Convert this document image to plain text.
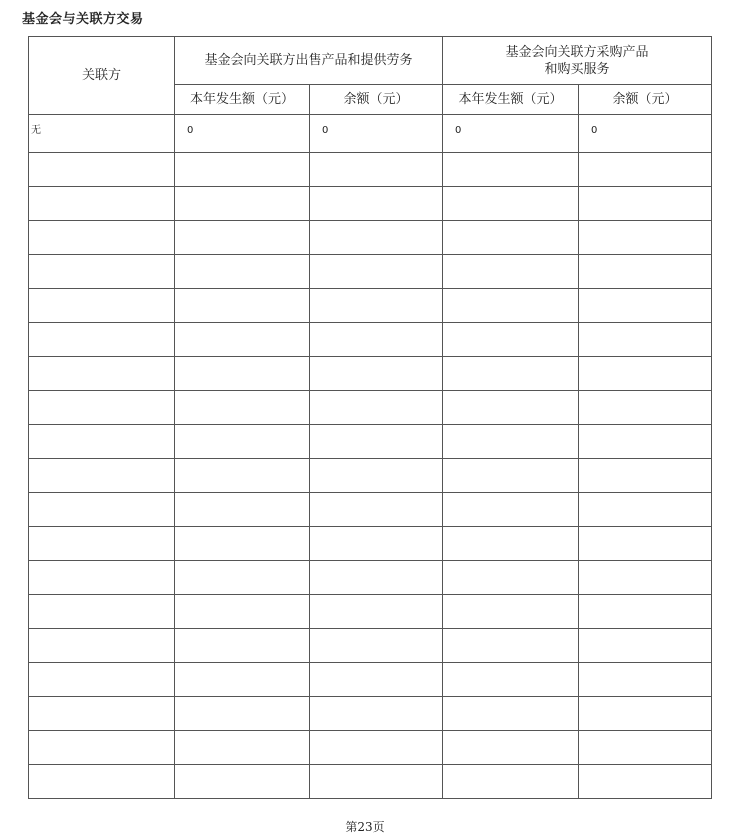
基金会与关联方交易
关联方	基金会向关联方出售产品和提供劳务		基金会向关联方采购产品
和购买服务	

	本年发生额（元）	余额（元）	本年发生额（元）	余额（元）
无	0	0	0	0

第23页
